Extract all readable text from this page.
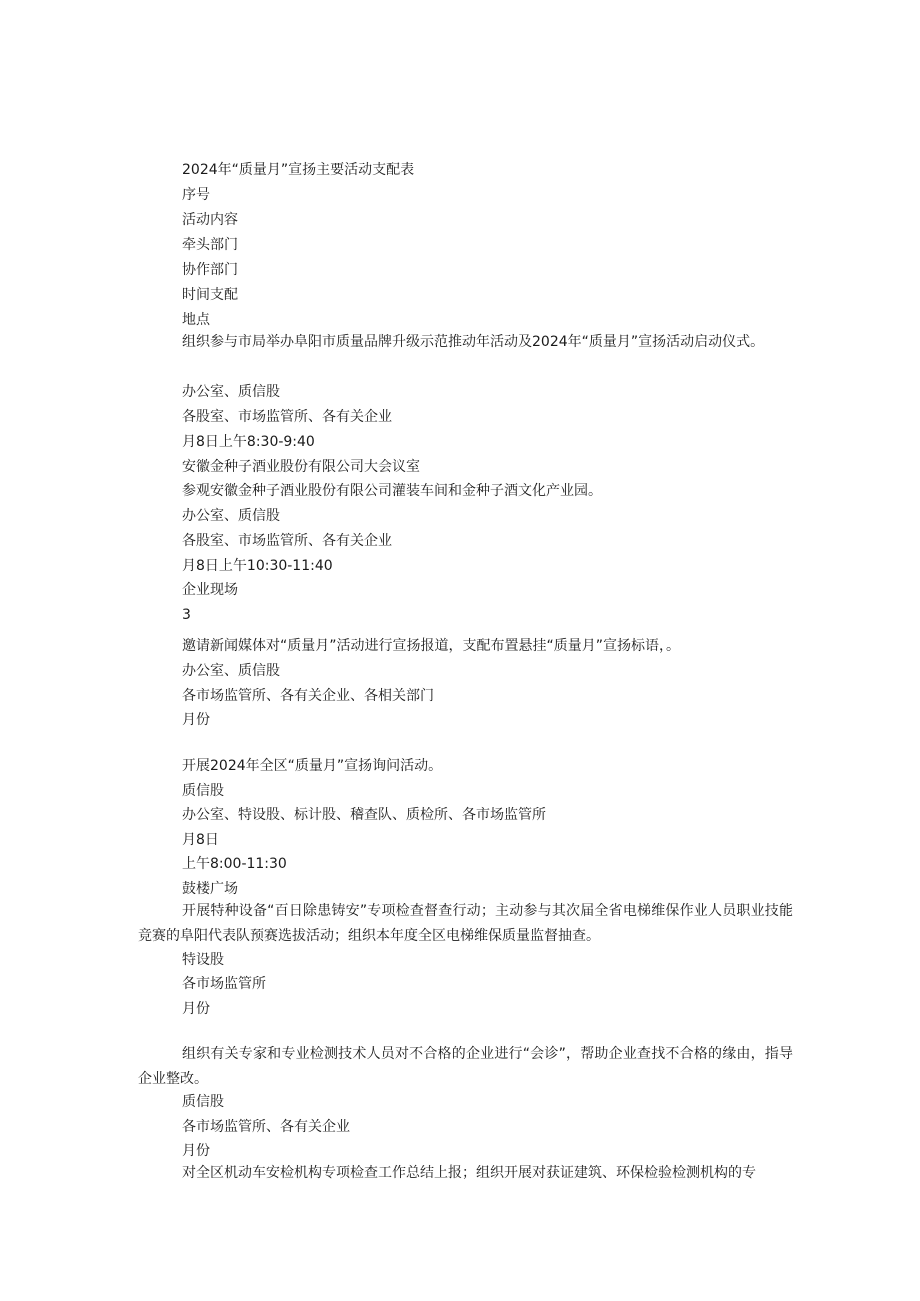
2024年“质量月”宣扬主要活动支配表
序号
活动内容
牵头部门
协作部门
时间支配
地点
组织参与市局举办阜阳市质量品牌升级示范推动年活动及2024年“质量月”宣扬活动启动仪式。
办公室、质信股
各股室、市场监管所、各有关企业
月8日上午8:30-9:40
安徽金种子酒业股份有限公司大会议室
参观安徽金种子酒业股份有限公司灌装车间和金种子酒文化产业园。
办公室、质信股
各股室、市场监管所、各有关企业
月8日上午10:30-11:40
企业现场
3
邀请新闻媒体对“质量月”活动进行宣扬报道，支配布置悬挂“质量月”宣扬标语，。
办公室、质信股
各市场监管所、各有关企业、各相关部门
月份
开展2024年全区“质量月”宣扬询问活动。
质信股
办公室、特设股、标计股、稽查队、质检所、各市场监管所
月8日
上午8:00-11:30
鼓楼广场
开展特种设备“百日除患铸安”专项检查督查行动；主动参与其次届全省电梯维保作业人员职业技能竞赛的阜阳代表队预赛选拔活动；组织本年度全区电梯维保质量监督抽查。
特设股
各市场监管所
月份
组织有关专家和专业检测技术人员对不合格的企业进行“会诊”，帮助企业查找不合格的缘由，指导企业整改。
质信股
各市场监管所、各有关企业
月份
对全区机动车安检机构专项检查工作总结上报；组织开展对获证建筑、环保检验检测机构的专
